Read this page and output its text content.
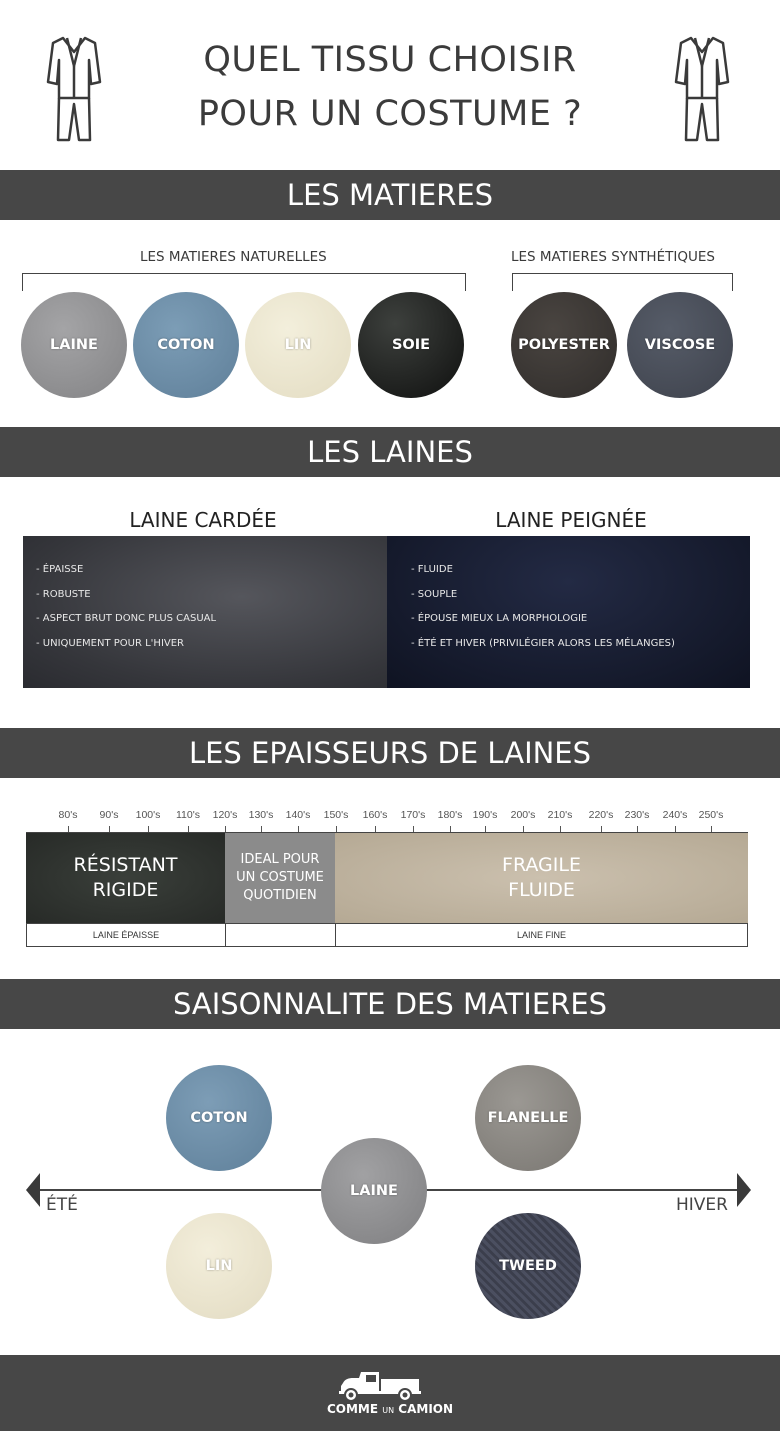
QUEL TISSU CHOISIR
POUR UN COSTUME ?
LES MATIERES
LES MATIERES NATURELLES	LES MATIERES SYNTHÉTIQUES
LAINE	COTON	LIN	SOIE	POLYESTER	VISCOSE
LES LAINES
LAINE CARDÉE	LAINE PEIGNÉE
- ÉPAISSE
- ROBUSTE
- ASPECT BRUT DONC PLUS CASUAL
- UNIQUEMENT POUR L'HIVER
- FLUIDE
- SOUPLE
- ÉPOUSE MIEUX LA MORPHOLOGIE
- ÉTÉ ET HIVER (PRIVILÉGIER ALORS LES MÉLANGES)
LES EPAISSEURS DE LAINES
80's 90's 100's 110's 120's 130's 140's 150's 160's 170's 180's 190's 200's 210's 220's 230's 240's 250's
RÉSISTANT
RIGIDE
IDEAL POUR
UN COSTUME
QUOTIDIEN
FRAGILE
FLUIDE
LAINE ÉPAISSE	LAINE FINE
SAISONNALITE DES MATIERES
ÉTÉ	HIVER
COTON	FLANELLE
LAINE
LIN	TWEED
COMME UN CAMION
